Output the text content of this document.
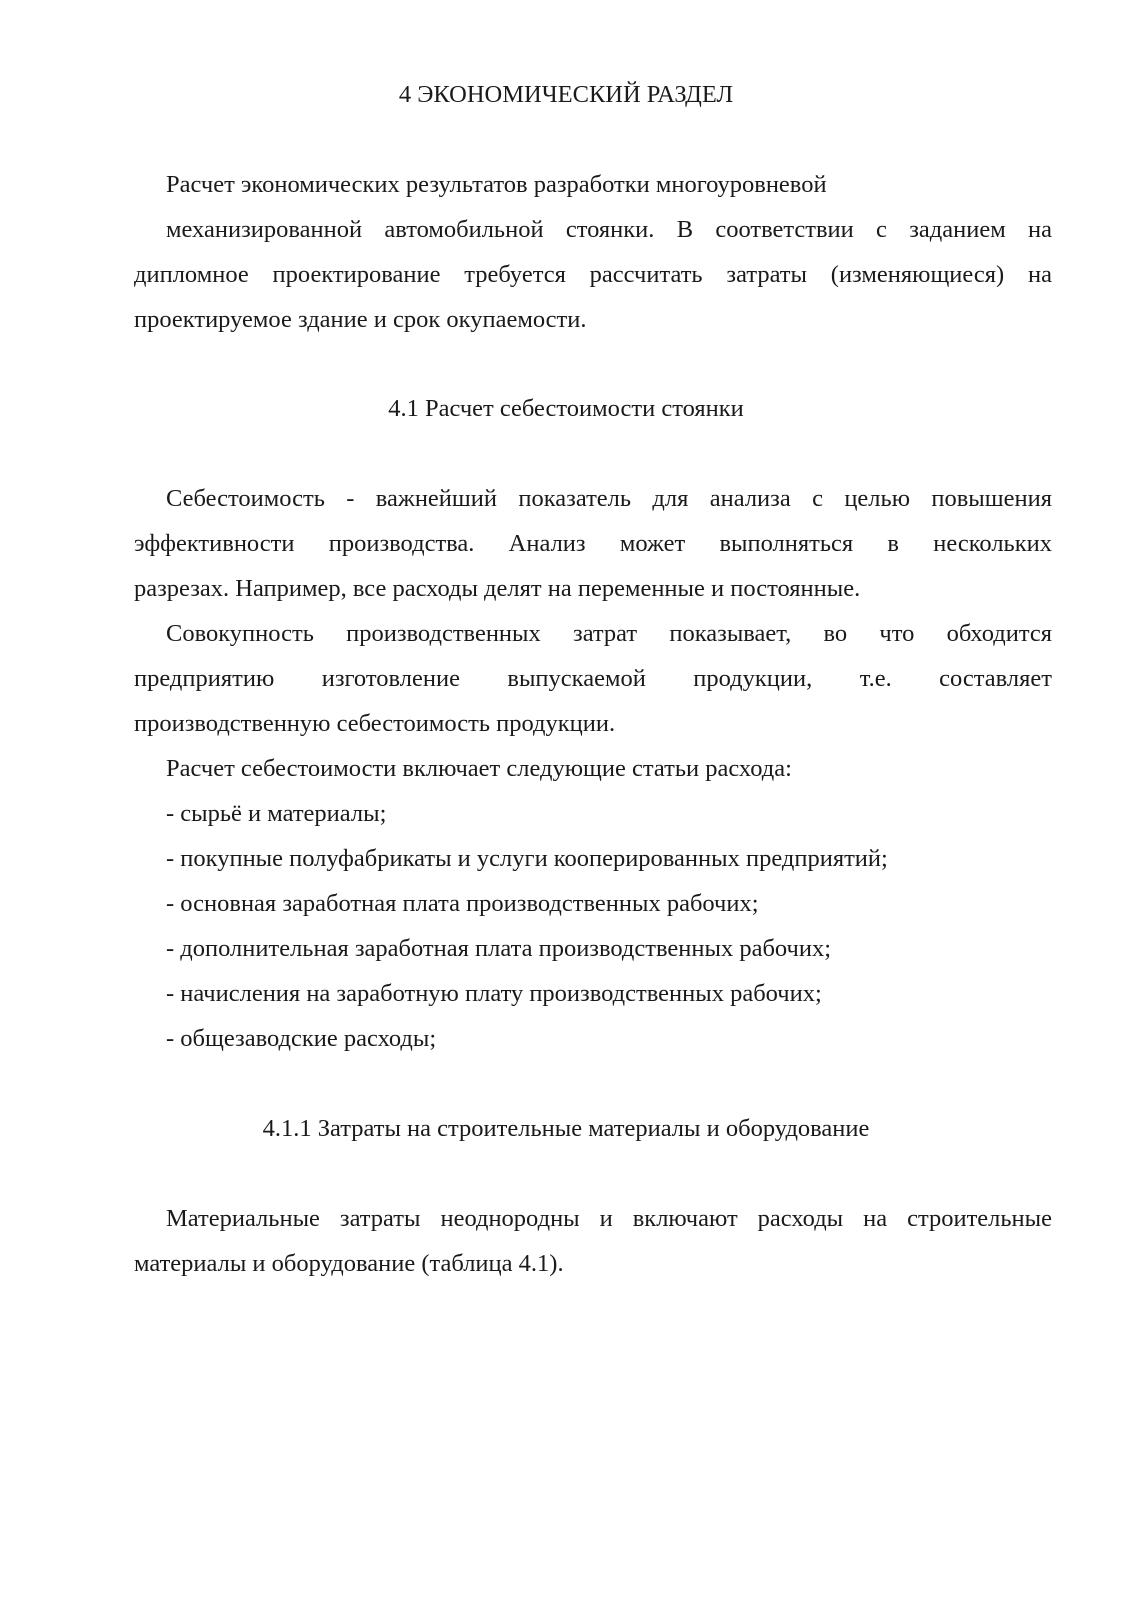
4 ЭКОНОМИЧЕСКИЙ РАЗДЕЛ
Расчет экономических результатов разработки многоуровневой
механизированной автомобильной стоянки. В соответствии с заданием на
дипломное проектирование требуется рассчитать затраты (изменяющиеся) на
проектируемое здание и срок окупаемости.
4.1 Расчет себестоимости стоянки
Себестоимость - важнейший показатель для анализа с целью повышения
эффективности производства. Анализ может выполняться в нескольких
разрезах. Например, все расходы делят на переменные и постоянные.
Совокупность производственных затрат показывает, во что обходится
предприятию изготовление выпускаемой продукции, т.е. составляет
производственную себестоимость продукции.
Расчет себестоимости включает следующие статьи расхода:
- сырьё и материалы;
- покупные полуфабрикаты и услуги кооперированных предприятий;
- основная заработная плата производственных рабочих;
- дополнительная заработная плата производственных рабочих;
- начисления на заработную плату производственных рабочих;
- общезаводские расходы;
4.1.1 Затраты на строительные материалы и оборудование
Материальные затраты неоднородны и включают расходы на строительные
материалы и оборудование (таблица 4.1).
